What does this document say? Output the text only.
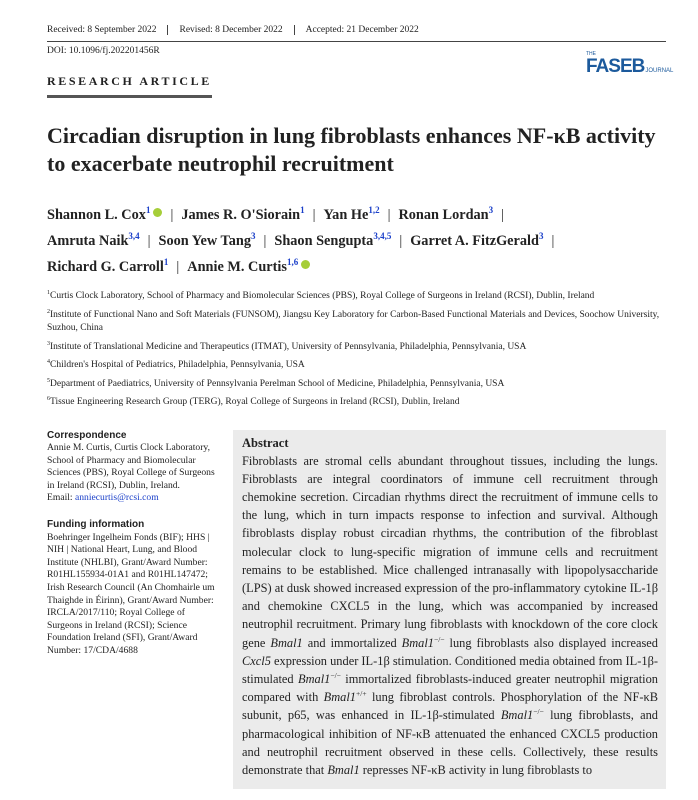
Received: 8 September 2022	Revised: 8 December 2022	Accepted: 21 December 2022
DOI: 10.1096/fj.202201456R
RESEARCH ARTICLE
THE
FASEB JOURNAL
Circadian disruption in lung fibroblasts enhances NF-κB activity to exacerbate neutrophil recruitment
Shannon L. Cox$^1$ | James R. O'Siorain$^1$ | Yan He$^{1,2}$ | Ronan Lordan$^3$ |
Amruta Naik$^{3,4}$ | Soon Yew Tang$^3$ | Shaon Sengupta$^{3,4,5}$ | Garret A. FitzGerald$^3$ |
Richard G. Carroll$^1$ | Annie M. Curtis$^{1,6}$
$^1$Curtis Clock Laboratory, School of Pharmacy and Biomolecular Sciences (PBS), Royal College of Surgeons in Ireland (RCSI), Dublin, Ireland
$^2$Institute of Functional Nano and Soft Materials (FUNSOM), Jiangsu Key Laboratory for Carbon-Based Functional Materials and Devices, Soochow University, Suzhou, China
$^3$Institute of Translational Medicine and Therapeutics (ITMAT), University of Pennsylvania, Philadelphia, Pennsylvania, USA
$^4$Children's Hospital of Pediatrics, Philadelphia, Pennsylvania, USA
$^5$Department of Paediatrics, University of Pennsylvania Perelman School of Medicine, Philadelphia, Pennsylvania, USA
$^6$Tissue Engineering Research Group (TERG), Royal College of Surgeons in Ireland (RCSI), Dublin, Ireland
Correspondence
Annie M. Curtis, Curtis Clock Laboratory, School of Pharmacy and Biomolecular Sciences (PBS), Royal College of Surgeons in Ireland (RCSI), Dublin, Ireland.
Email: anniecurtis@rcsi.com
Funding information
Boehringer Ingelheim Fonds (BIF); HHS | NIH | National Heart, Lung, and Blood Institute (NHLBI), Grant/Award Number: R01HL155934-01A1 and R01HL147472; Irish Research Council (An Chomhairle um Thaighde in Éirinn), Grant/Award Number: IRCLA/2017/110; Royal College of Surgeons in Ireland (RCSI); Science Foundation Ireland (SFI), Grant/Award Number: 17/CDA/4688
Abstract

Fibroblasts are stromal cells abundant throughout tissues, including the lungs. Fibroblasts are integral coordinators of immune cell recruitment through chemokine secretion. Circadian rhythms direct the recruitment of immune cells to the lung, which in turn impacts response to infection and survival. Although fibroblasts display robust circadian rhythms, the contribution of the fibroblast molecular clock to lung-specific migration of immune cells and recruitment remains to be established. Mice challenged intranasally with lipopolysaccharide (LPS) at dusk showed increased expression of the pro-inflammatory cytokine IL-1β and chemokine CXCL5 in the lung, which was accompanied by increased neutrophil recruitment. Primary lung fibroblasts with knockdown of the core clock gene Bmal1 and immortalized Bmal1−/− lung fibroblasts also displayed increased Cxcl5 expression under IL-1β stimulation. Conditioned media obtained from IL-1β-stimulated Bmal1−/− immortalized fibroblasts-induced greater neutrophil migration compared with Bmal1+/+ lung fibroblast controls. Phosphorylation of the NF-κB subunit, p65, was enhanced in IL-1β-stimulated Bmal1−/− lung fibroblasts, and pharmacological inhibition of NF-κB attenuated the enhanced CXCL5 production and neutrophil recruitment observed in these cells. Collectively, these results demonstrate that Bmal1 represses NF-κB activity in lung fibroblasts to
